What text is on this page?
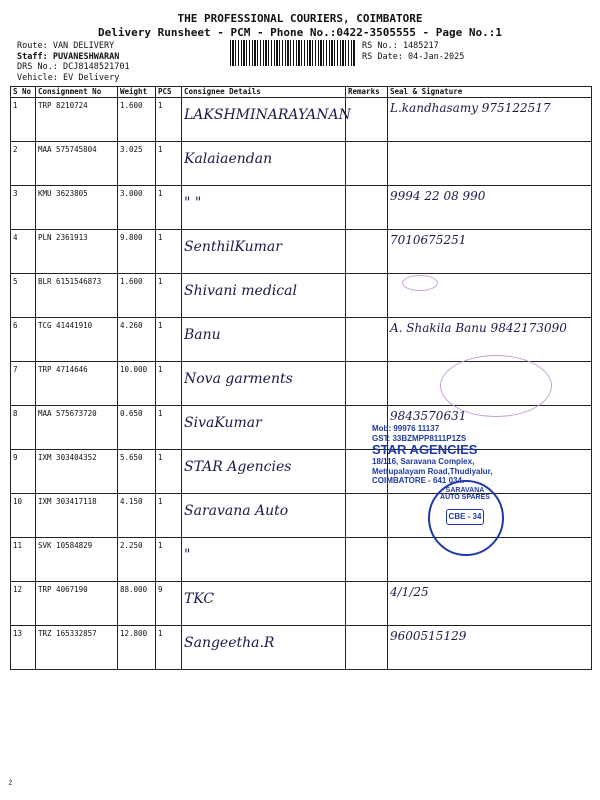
THE PROFESSIONAL COURIERS, COIMBATORE
Delivery Runsheet - PCM - Phone No.:0422-3505555 - Page No.:1
Route: VAN DELIVERY
Staff: PUVANESHWARAN
DRS No.: DCJ8148521701
Vehicle: EV Delivery
RS No.: 1485217
RS Date: 04-Jan-2025
S No	Consignment No	Weight	PCS	Consignee Details	Remarks	Seal & Signature
1	TRP 8210724	1.600	1	LAKSHMINARAYANAN		L.kandhasamy 975122517

2	MAA 575745804	3.025	1	Kalaiaendan		

3	KMU 3623805	3.000	1	" "		9994 22 08 990

4	PLN 2361913	9.800	1	SenthilKumar		7010675251

5	BLR 6151546873	1.600	1	Shivani medical		

6	TCG 41441910	4.260	1	Banu		A. Shakila Banu 9842173090

7	TRP 4714646	10.000	1	Nova garments		

8	MAA 575673720	0.650	1	SivaKumar		9843570631

9	IXM 303404352	5.650	1	STAR Agencies		

10	IXM 303417118	4.150	1	Saravana Auto		

11	SVK 10584829	2.250	1	"		

12	TRP 4067190	88.000	9	TKC		4/1/25

13	TRZ 165332857	12.800	1	Sangeetha.R		9600515129
Mob: 99976 11137
GST: 33BZMPP8111P1ZS
STAR AGENCIES
18/116, Saravana Complex,
Mettupalayam Road,Thudiyalur,
COIMBATORE - 641 034.
SARAVANA AUTO SPARES
CBE - 34
ż
